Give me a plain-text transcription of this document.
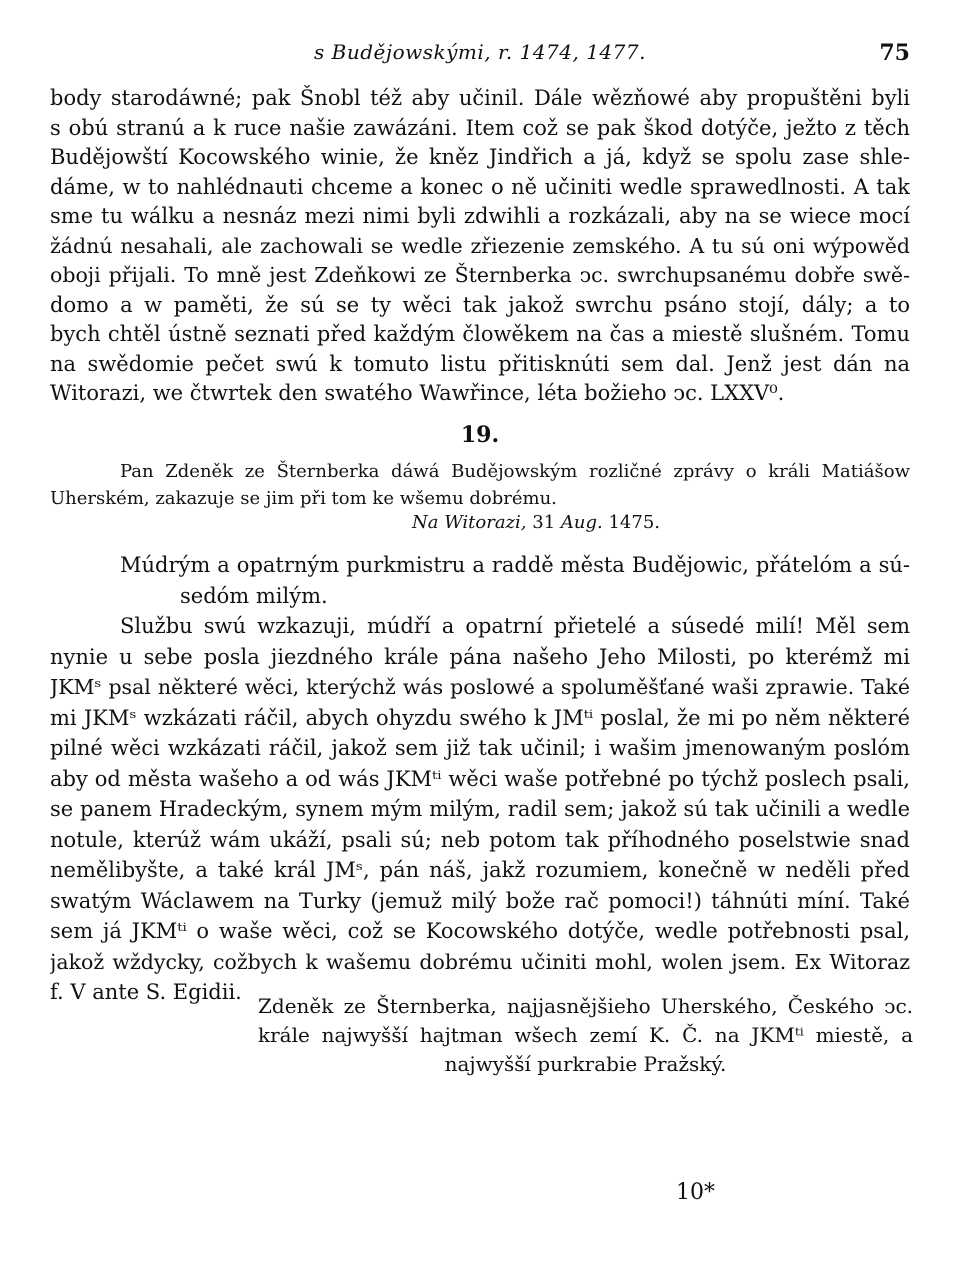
s Budějowskými, r. 1474, 1477.	75
body starodáwné; pak Šnobl též aby učinil. Dále wězňowé aby propuštěni byli
s obú stranú a k ruce našie zawázáni. Item což se pak škod dotýče, ježto z těch
Budějowští Kocowského winie, že kněz Jindřich a já, když se spolu zase shle-
dáme, w to nahlédnauti chceme a konec o ně učiniti wedle sprawedlnosti. A tak
sme tu wálku a nesnáz mezi nimi byli zdwihli a rozkázali, aby na se wiece mocí
žádnú nesahali, ale zachowali se wedle zřiezenie zemského. A tu sú oni wýpowěd
oboji přijali. To mně jest Zdeňkowi ze Šternberka ͻc. swrchupsanému dobře swě-
domo a w paměti, že sú se ty wěci tak jakož swrchu psáno stojí, dály; a to
bych chtěl ústně seznati před každým člowěkem na čas a miestě slušném. Tomu
na swědomie pečet swú k tomuto listu přitisknúti sem dal. Jenž jest dán na
Witorazi, we čtwrtek den swatého Wawřince, léta božieho ͻc. LXXV⁰.
19.
Pan Zdeněk ze Šternberka dáwá Budějowským rozličné zprávy o králi Matiášow
Uherském, zakazuje se jim při tom ke wšemu dobrému.
Na Witorazi, 31 Aug. 1475.
Múdrým a opatrným purkmistru a raddě města Budějowic, přátelóm a sú-
sedóm milým.
Službu swú wzkazuji, múdří a opatrní přietelé a súsedé milí! Měl sem
nynie u sebe posla jiezdného krále pána našeho Jeho Milosti, po kterémž mi
JKMˢ psal některé wěci, kterýchž wás poslowé a spoluměšťané waši zprawie. Také
mi JKMˢ wzkázati ráčil, abych ohyzdu swého k JMᵗⁱ poslal, že mi po něm některé
pilné wěci wzkázati ráčil, jakož sem již tak učinil; i wašim jmenowaným poslóm
aby od města wašeho a od wás JKMᵗⁱ wěci waše potřebné po týchž poslech psali,
se panem Hradeckým, synem mým milým, radil sem; jakož sú tak učinili a wedle
notule, kterúž wám ukáží, psali sú; neb potom tak příhodného poselstwie snad
nemělibyšte, a také král JMˢ, pán náš, jakž rozumiem, konečně w neděli před
swatým Wáclawem na Turky (jemuž milý bože rač pomoci!) táhnúti míní. Také
sem já JKMᵗⁱ o waše wěci, což se Kocowského dotýče, wedle potřebnosti psal,
jakož wždycky, cožbych k wašemu dobrému učiniti mohl, wolen jsem. Ex Witoraz
f. V ante S. Egidii.
Zdeněk ze Šternberka, najjasnějšieho Uherského, Českého ͻc.
krále najwyšší hajtman wšech zemí K. Č. na JKMᵗⁱ miestě, a
najwyšší purkrabie Pražský.
10*
